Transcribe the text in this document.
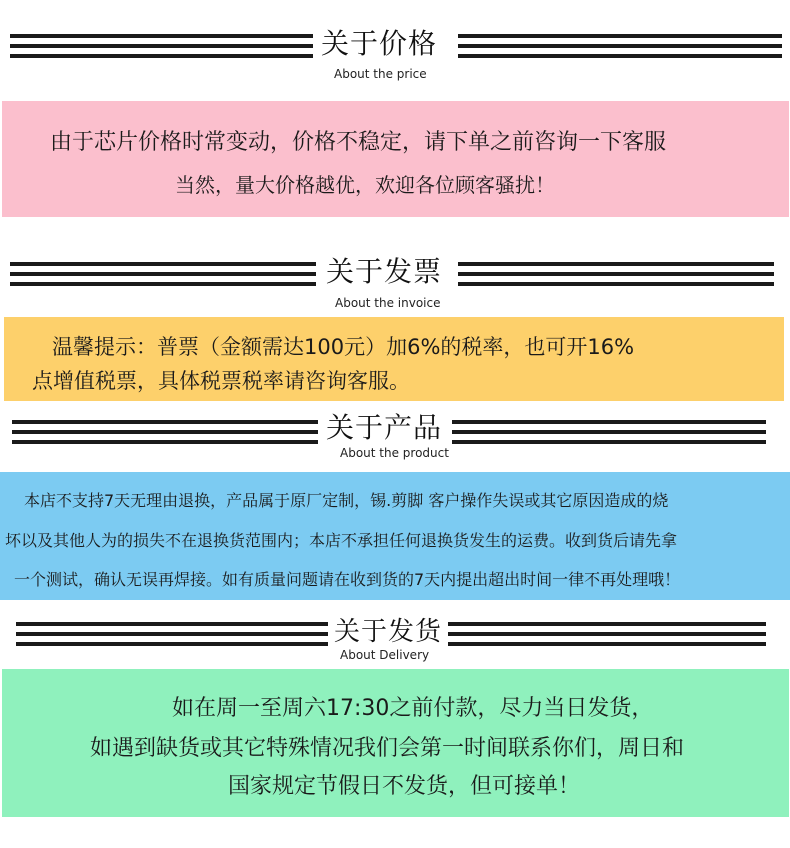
关于价格
About the price
由于芯片价格时常变动，价格不稳定，请下单之前咨询一下客服
当然，量大价格越优，欢迎各位顾客骚扰！
关于发票
About the invoice
温馨提示：普票（金额需达100元）加6%的税率，也可开16%
点增值税票，具体税票税率请咨询客服。
关于产品
About the product
本店不支持7天无理由退换，产品属于原厂定制，锡.剪脚 客户操作失误或其它原因造成的烧
坏以及其他人为的损失不在退换货范围内；本店不承担任何退换货发生的运费。收到货后请先拿
一个测试，确认无误再焊接。如有质量问题请在收到货的7天内提出超出时间一律不再处理哦！
关于发货
About Delivery
如在周一至周六17:30之前付款，尽力当日发货，
如遇到缺货或其它特殊情况我们会第一时间联系你们，周日和
国家规定节假日不发货，但可接单！
